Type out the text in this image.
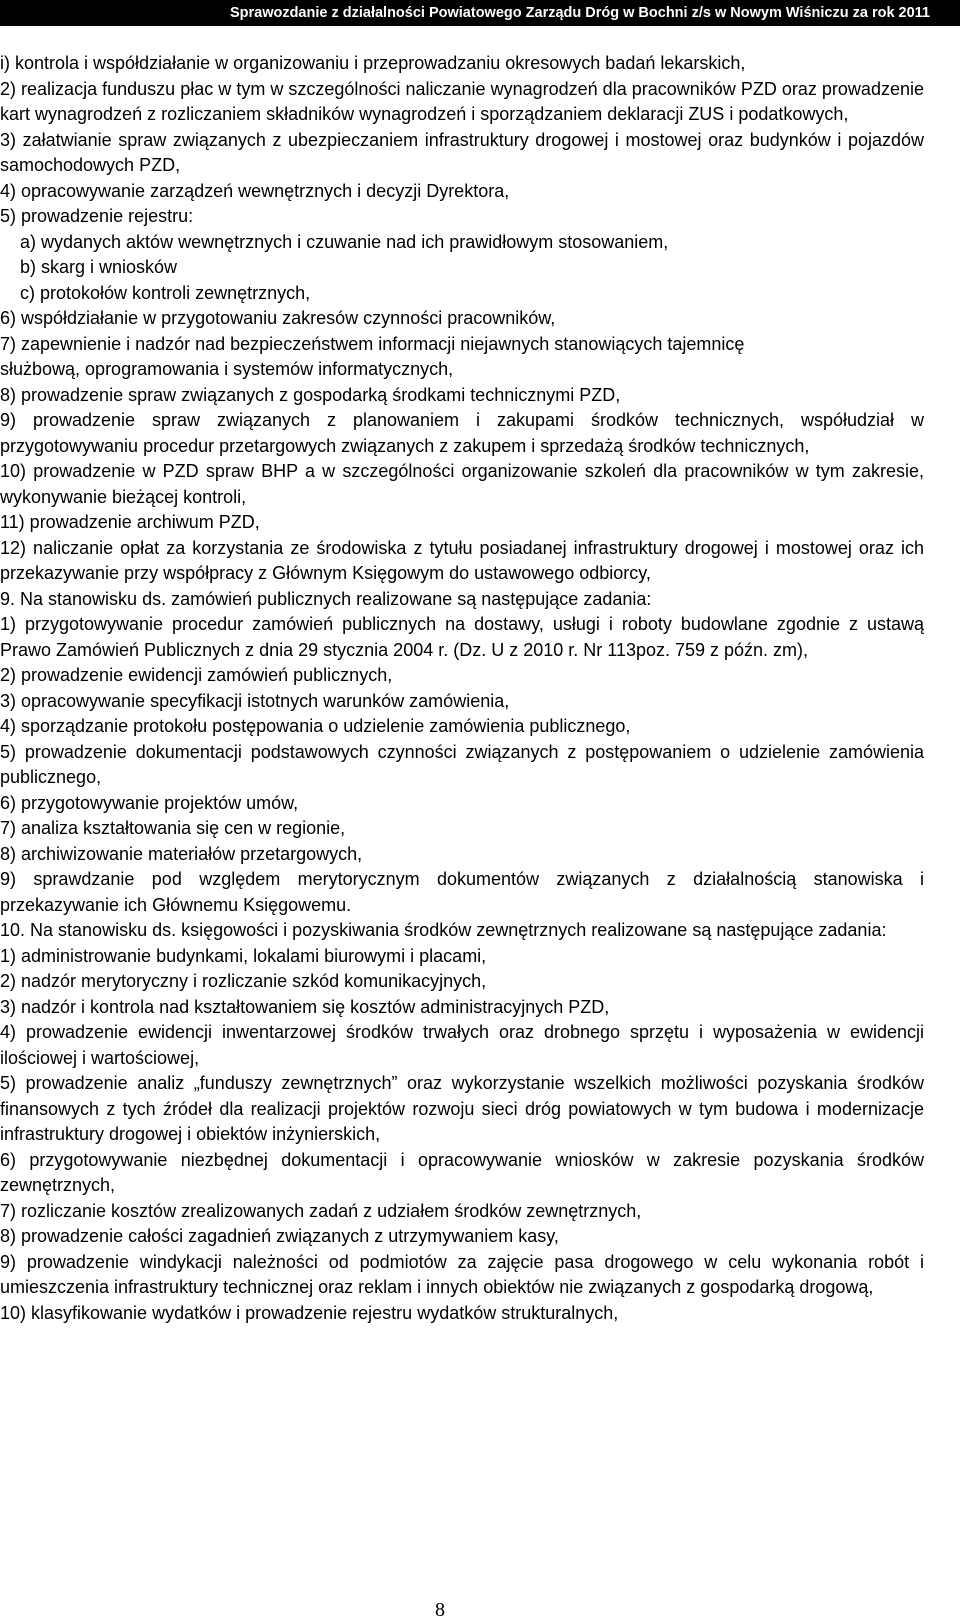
Sprawozdanie z działalności Powiatowego Zarządu Dróg w Bochni z/s w Nowym Wiśniczu za rok 2011

i) kontrola i współdziałanie w organizowaniu i przeprowadzaniu okresowych badań lekarskich,

2) realizacja funduszu płac w tym w szczególności naliczanie wynagrodzeń dla pracowników PZD oraz prowadzenie kart wynagrodzeń z rozliczaniem składników wynagrodzeń i sporządzaniem deklaracji ZUS i podatkowych,

3) załatwianie spraw związanych z ubezpieczaniem infrastruktury drogowej i mostowej oraz budynków i pojazdów samochodowych PZD,

4) opracowywanie zarządzeń wewnętrznych i decyzji Dyrektora,

5) prowadzenie rejestru:

a) wydanych aktów wewnętrznych i czuwanie nad ich prawidłowym stosowaniem,

b) skarg i wniosków

c) protokołów kontroli zewnętrznych,

6) współdziałanie w przygotowaniu zakresów czynności pracowników,

7) zapewnienie i nadzór nad bezpieczeństwem informacji niejawnych stanowiących tajemnicę

służbową, oprogramowania i systemów informatycznych,

8) prowadzenie spraw związanych z gospodarką środkami technicznymi PZD,

9) prowadzenie spraw związanych z planowaniem i zakupami środków technicznych, współudział w przygotowywaniu procedur przetargowych związanych z zakupem i sprzedażą środków technicznych,

10) prowadzenie w PZD spraw BHP a w szczególności organizowanie szkoleń dla pracowników w tym zakresie, wykonywanie bieżącej kontroli,

11) prowadzenie archiwum PZD,

12) naliczanie opłat za korzystania ze środowiska z tytułu posiadanej infrastruktury drogowej i mostowej oraz ich przekazywanie przy współpracy z Głównym Księgowym do ustawowego odbiorcy,

9. Na stanowisku ds. zamówień publicznych realizowane są następujące zadania:

1) przygotowywanie procedur zamówień publicznych na dostawy, usługi i roboty budowlane zgodnie z ustawą Prawo Zamówień Publicznych z dnia 29 stycznia 2004 r. (Dz. U z 2010 r. Nr 113poz. 759 z późn. zm),

2) prowadzenie ewidencji zamówień publicznych,

3) opracowywanie specyfikacji istotnych warunków zamówienia,

4) sporządzanie protokołu postępowania o udzielenie zamówienia publicznego,

5) prowadzenie dokumentacji podstawowych czynności związanych z postępowaniem o udzielenie zamówienia publicznego,

6) przygotowywanie projektów umów,

7) analiza kształtowania się cen w regionie,

8) archiwizowanie materiałów przetargowych,

9) sprawdzanie pod względem merytorycznym dokumentów związanych z działalnością stanowiska i przekazywanie ich Głównemu Księgowemu.

10. Na stanowisku ds. księgowości i pozyskiwania środków zewnętrznych realizowane są następujące zadania:

1) administrowanie budynkami, lokalami biurowymi i placami,

2) nadzór merytoryczny i rozliczanie szkód komunikacyjnych,

3) nadzór i kontrola nad kształtowaniem się kosztów administracyjnych PZD,

4) prowadzenie ewidencji inwentarzowej środków trwałych oraz drobnego sprzętu i wyposażenia w ewidencji ilościowej i wartościowej,

5) prowadzenie analiz „funduszy zewnętrznych” oraz wykorzystanie wszelkich możliwości pozyskania środków finansowych z tych źródeł dla realizacji projektów rozwoju sieci dróg powiatowych w tym budowa i modernizacje infrastruktury drogowej i obiektów inżynierskich,

6) przygotowywanie niezbędnej dokumentacji i opracowywanie wniosków w zakresie pozyskania środków zewnętrznych,

7) rozliczanie kosztów zrealizowanych zadań z udziałem środków zewnętrznych,

8) prowadzenie całości zagadnień związanych z utrzymywaniem kasy,

9) prowadzenie windykacji należności od podmiotów za zajęcie pasa drogowego w celu wykonania robót i umieszczenia infrastruktury technicznej oraz reklam i innych obiektów nie związanych z gospodarką drogową,

10) klasyfikowanie wydatków i prowadzenie rejestru wydatków strukturalnych,

8
